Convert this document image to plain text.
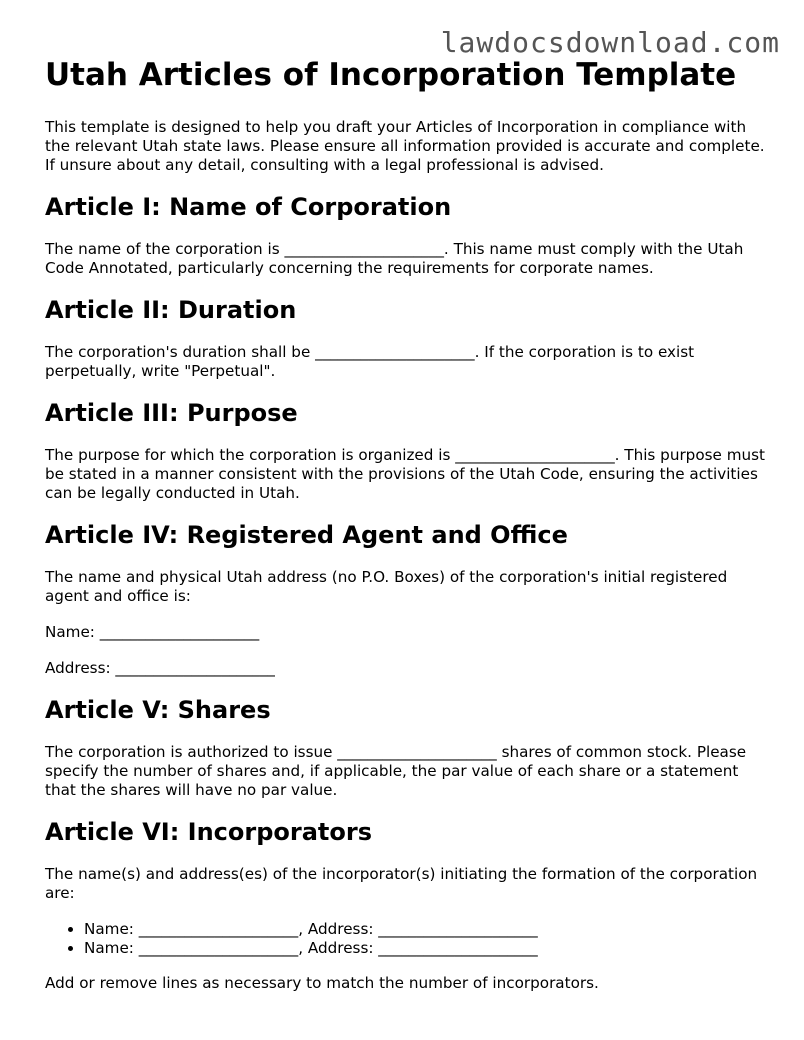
lawdocsdownload.com
Utah Articles of Incorporation Template

This template is designed to help you draft your Articles of Incorporation in compliance with the relevant Utah state laws. Please ensure all information provided is accurate and complete. If unsure about any detail, consulting with a legal professional is advised.

Article I: Name of Corporation

The name of the corporation is _____________________. This name must comply with the Utah Code Annotated, particularly concerning the requirements for corporate names.

Article II: Duration

The corporation's duration shall be _____________________. If the corporation is to exist perpetually, write "Perpetual".

Article III: Purpose

The purpose for which the corporation is organized is _____________________. This purpose must be stated in a manner consistent with the provisions of the Utah Code, ensuring the activities can be legally conducted in Utah.

Article IV: Registered Agent and Office

The name and physical Utah address (no P.O. Boxes) of the corporation's initial registered agent and office is:

Name: _____________________

Address: _____________________

Article V: Shares

The corporation is authorized to issue _____________________ shares of common stock. Please specify the number of shares and, if applicable, the par value of each share or a statement that the shares will have no par value.

Article VI: Incorporators

The name(s) and address(es) of the incorporator(s) initiating the formation of the corporation are:

• Name: _____________________, Address: _____________________
• Name: _____________________, Address: _____________________

Add or remove lines as necessary to match the number of incorporators.
